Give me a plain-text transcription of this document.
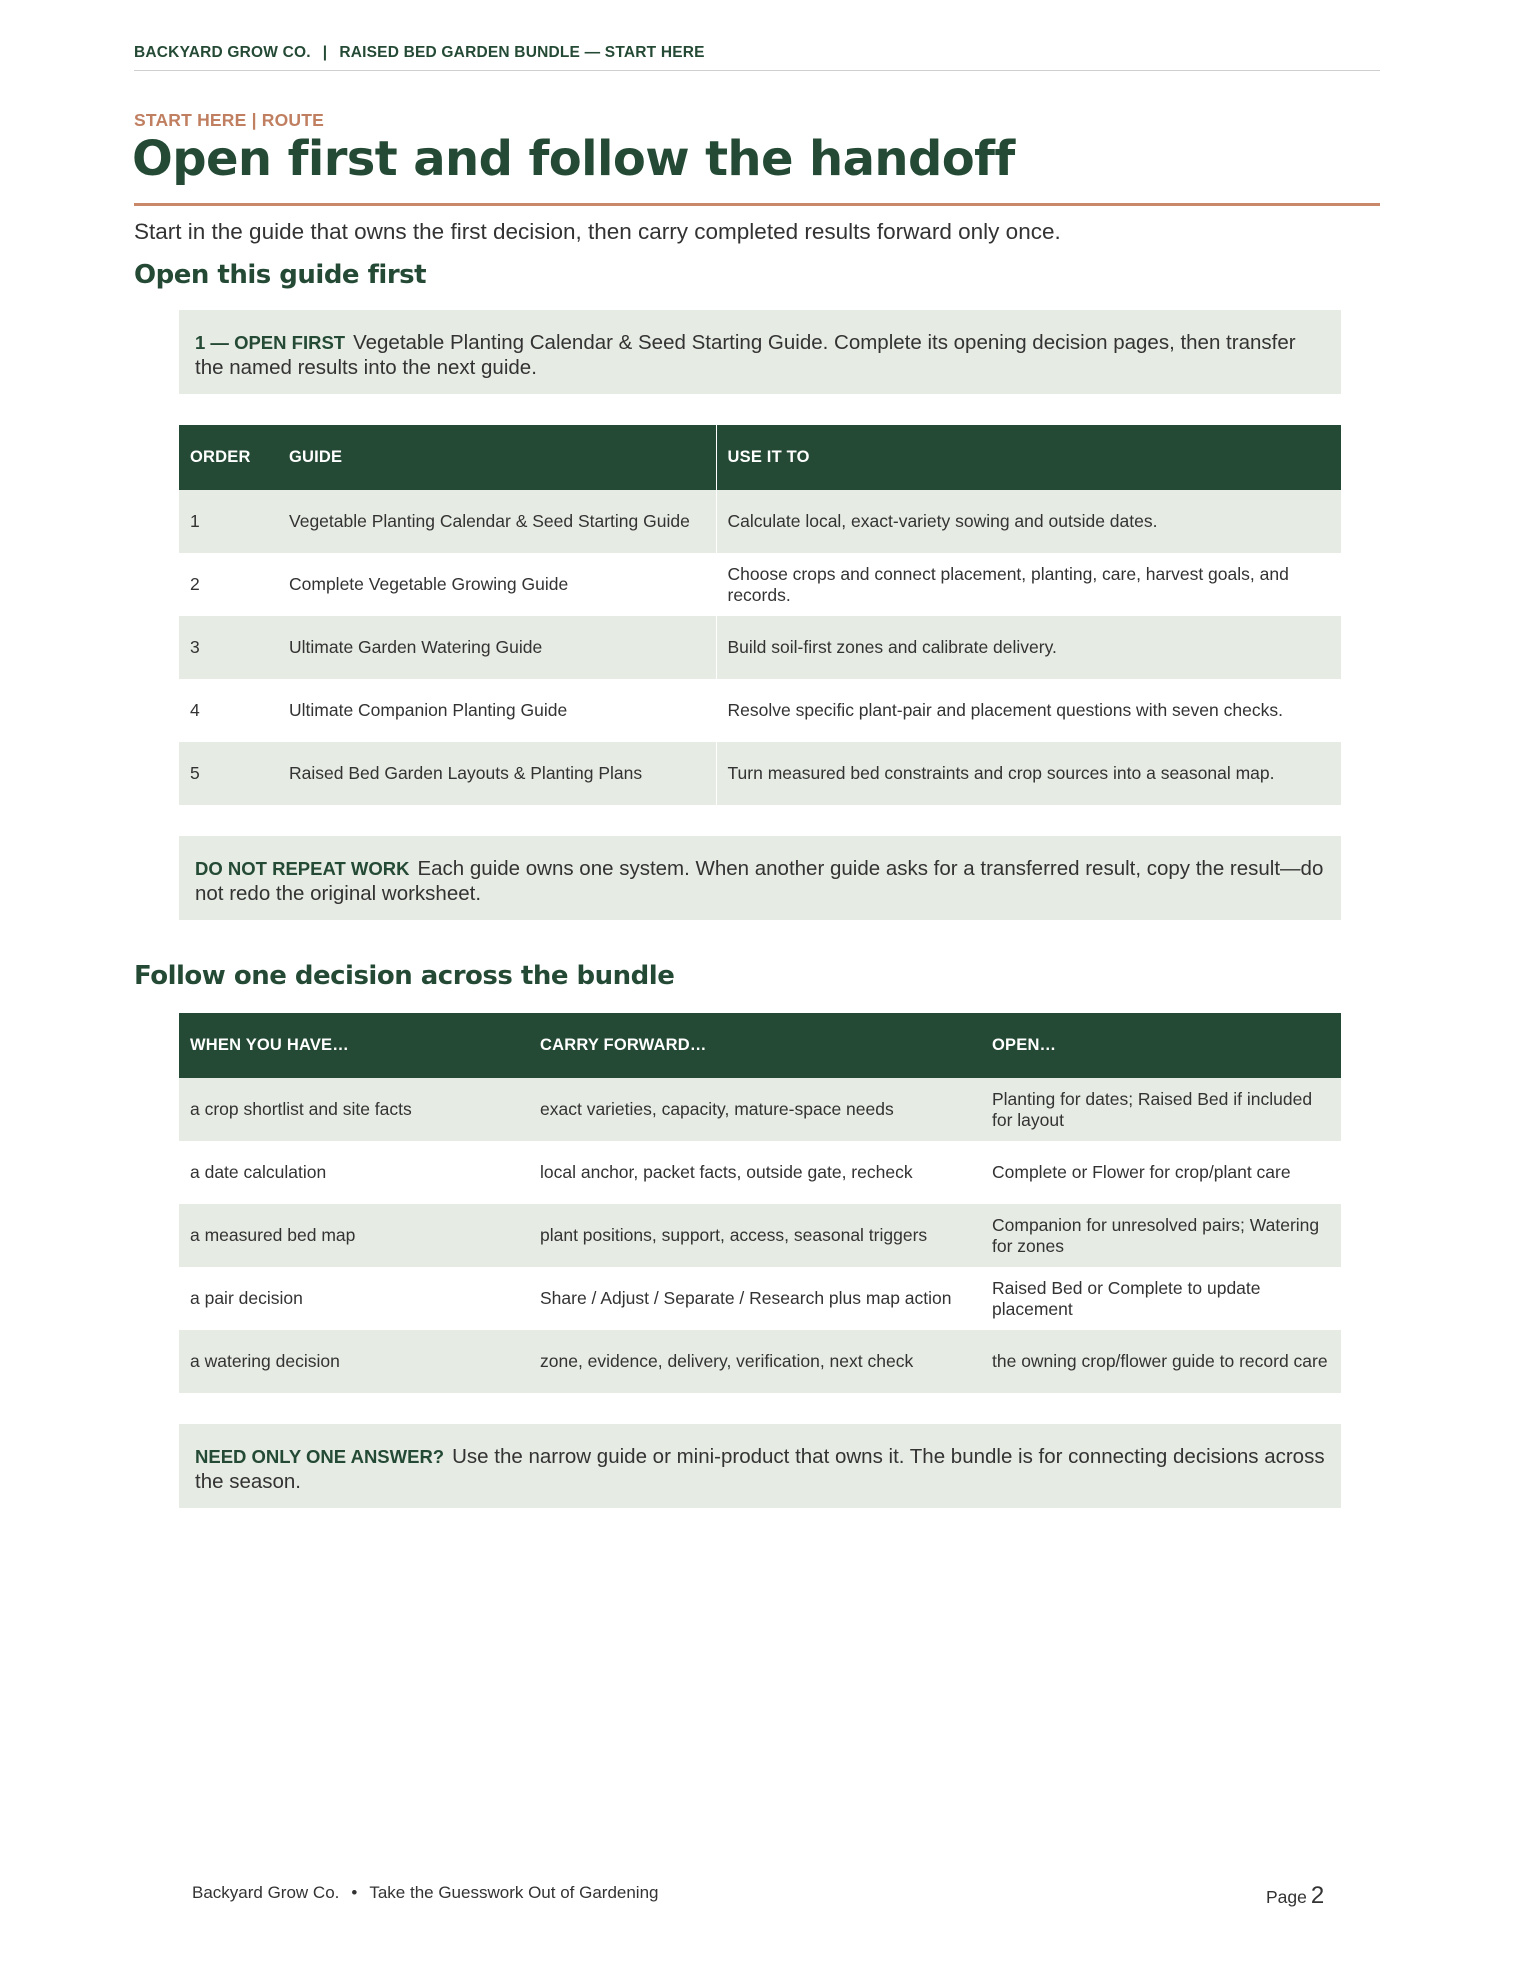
BACKYARD GROW CO. | RAISED BED GARDEN BUNDLE — START HERE
START HERE | ROUTE
Open first and follow the handoff

Start in the guide that owns the first decision, then carry completed results forward only once.

Open this guide first
1 — OPEN FIRST Vegetable Planting Calendar & Seed Starting Guide. Complete its opening decision pages, then transfer the named results into the next guide.
ORDER	GUIDE	USE IT TO
1	Vegetable Planting Calendar & Seed Starting Guide	Calculate local, exact-variety sowing and outside dates.
2	Complete Vegetable Growing Guide	Choose crops and connect placement, planting, care, harvest goals, and records.
3	Ultimate Garden Watering Guide	Build soil-first zones and calibrate delivery.
4	Ultimate Companion Planting Guide	Resolve specific plant-pair and placement questions with seven checks.
5	Raised Bed Garden Layouts & Planting Plans	Turn measured bed constraints and crop sources into a seasonal map.
DO NOT REPEAT WORK Each guide owns one system. When another guide asks for a transferred result, copy the result—do not redo the original worksheet.
Follow one decision across the bundle
WHEN YOU HAVE…	CARRY FORWARD…	OPEN…
a crop shortlist and site facts	exact varieties, capacity, mature-space needs	Planting for dates; Raised Bed if included for layout
a date calculation	local anchor, packet facts, outside gate, recheck	Complete or Flower for crop/plant care
a measured bed map	plant positions, support, access, seasonal triggers	Companion for unresolved pairs; Watering for zones
a pair decision	Share / Adjust / Separate / Research plus map action	Raised Bed or Complete to update placement
a watering decision	zone, evidence, delivery, verification, next check	the owning crop/flower guide to record care
NEED ONLY ONE ANSWER? Use the narrow guide or mini-product that owns it. The bundle is for connecting decisions across the season.
Backyard Grow Co. • Take the Guesswork Out of Gardening	Page 2
